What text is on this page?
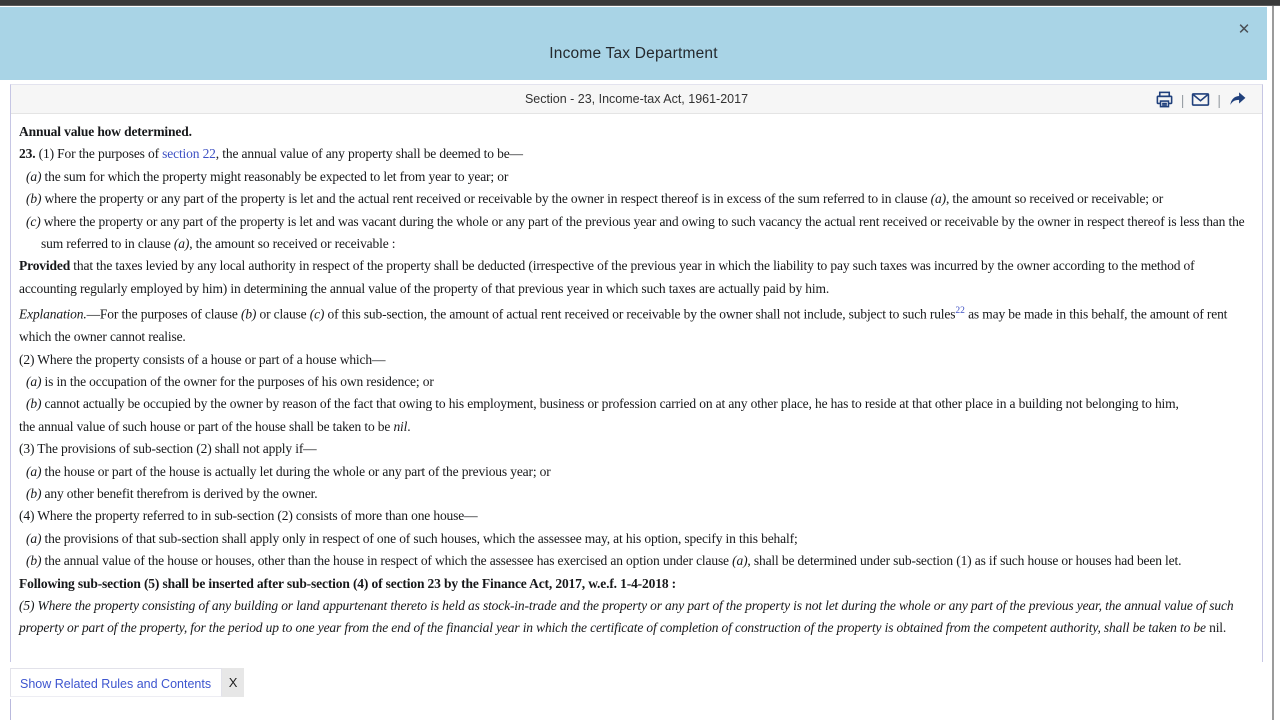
Income Tax Department
✕
Section - 23, Income-tax Act, 1961-2017	| |

Annual value how determined.

23. (1) For the purposes of section 22, the annual value of any property shall be deemed to be—

(a) the sum for which the property might reasonably be expected to let from year to year; or

(b) where the property or any part of the property is let and the actual rent received or receivable by the owner in respect thereof is in excess of the sum referred to in clause (a), the amount so received or receivable; or

(c) where the property or any part of the property is let and was vacant during the whole or any part of the previous year and owing to such vacancy the actual rent received or receivable by the owner in respect thereof is less than the sum referred to in clause (a), the amount so received or receivable :

Provided that the taxes levied by any local authority in respect of the property shall be deducted (irrespective of the previous year in which the liability to pay such taxes was incurred by the owner according to the method of accounting regularly employed by him) in determining the annual value of the property of that previous year in which such taxes are actually paid by him.

Explanation.—For the purposes of clause (b) or clause (c) of this sub-section, the amount of actual rent received or receivable by the owner shall not include, subject to such rules$^{22}$ as may be made in this behalf, the amount of rent which the owner cannot realise.

(2) Where the property consists of a house or part of a house which—

(a) is in the occupation of the owner for the purposes of his own residence; or

(b) cannot actually be occupied by the owner by reason of the fact that owing to his employment, business or profession carried on at any other place, he has to reside at that other place in a building not belonging to him,

the annual value of such house or part of the house shall be taken to be nil.

(3) The provisions of sub-section (2) shall not apply if—

(a) the house or part of the house is actually let during the whole or any part of the previous year; or

(b) any other benefit therefrom is derived by the owner.

(4) Where the property referred to in sub-section (2) consists of more than one house—

(a) the provisions of that sub-section shall apply only in respect of one of such houses, which the assessee may, at his option, specify in this behalf;

(b) the annual value of the house or houses, other than the house in respect of which the assessee has exercised an option under clause (a), shall be determined under sub-section (1) as if such house or houses had been let.

Following sub-section (5) shall be inserted after sub-section (4) of section 23 by the Finance Act, 2017, w.e.f. 1-4-2018 :

(5) Where the property consisting of any building or land appurtenant thereto is held as stock-in-trade and the property or any part of the property is not let during the whole or any part of the previous year, the annual value of such property or part of the property, for the period up to one year from the end of the financial year in which the certificate of completion of construction of the property is obtained from the competent authority, shall be taken to be nil.

Show Related Rules and Contents	X
